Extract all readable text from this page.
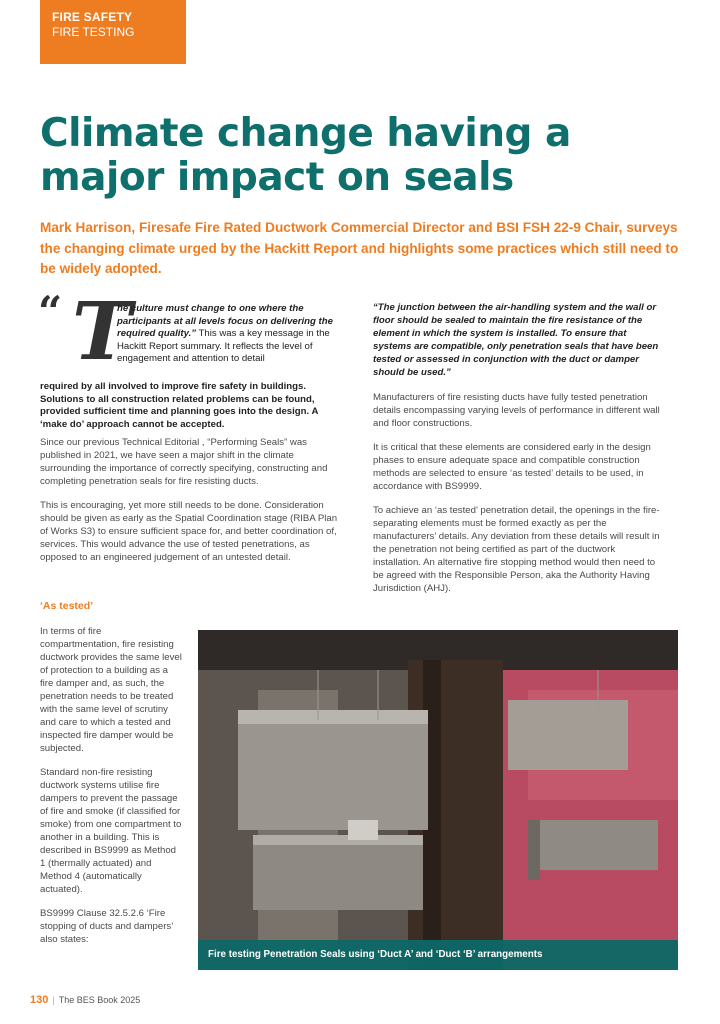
FIRE SAFETY
FIRE TESTING
Climate change having a major impact on seals
Mark Harrison, Firesafe Fire Rated Ductwork Commercial Director and BSI FSH 22-9 Chair, surveys the changing climate urged by the Hackitt Report and highlights some practices which still need to be widely adopted.
“ T
he culture must change to one where the participants at all levels focus on delivering the required quality.” This was a key message in the Hackitt Report summary. It reflects the level of engagement and attention to detail
required by all involved to improve fire safety in buildings. Solutions to all construction related problems can be found, provided sufficient time and planning goes into the design. A ‘make do’ approach cannot be accepted.

Since our previous Technical Editorial , “Performing Seals” was published in 2021, we have seen a major shift in the climate surrounding the importance of correctly specifying, constructing and completing penetration seals for fire resisting ducts.

This is encouraging, yet more still needs to be done. Consideration should be given as early as the Spatial Coordination stage (RIBA Plan of Works S3) to ensure sufficient space for, and better coordination of, services. This would advance the use of tested penetrations, as opposed to an engineered judgement of an untested detail.

‘As tested’

In terms of fire compartmentation, fire resisting ductwork provides the same level of protection to a building as a fire damper and, as such, the penetration needs to be treated with the same level of scrutiny and care to which a tested and inspected fire damper would be subjected.

Standard non-fire resisting ductwork systems utilise fire dampers to prevent the passage of fire and smoke (if classified for smoke) from one compartment to another in a building. This is described in BS9999 as Method 1 (thermally actuated) and Method 4 (automatically actuated).

BS9999 Clause 32.5.2.6 ‘Fire stopping of ducts and dampers’ also states:

“The junction between the air-handling system and the wall or floor should be sealed to maintain the fire resistance of the element in which the system is installed. To ensure that systems are compatible, only penetration seals that have been tested or assessed in conjunction with the duct or damper should be used.”

Manufacturers of fire resisting ducts have fully tested penetration details encompassing varying levels of performance in different wall and floor constructions.

It is critical that these elements are considered early in the design phases to ensure adequate space and compatible construction methods are selected to ensure ‘as tested’ details to be used, in accordance with BS9999.

To achieve an ‘as tested’ penetration detail, the openings in the fire-separating elements must be formed exactly as per the manufacturers’ details. Any deviation from these details will result in the penetration not being certified as part of the ductwork installation. An alternative fire stopping method would then need to be agreed with the Responsible Person, aka the Authority Having Jurisdiction (AHJ).

Fire testing Penetration Seals using ‘Duct A’ and ‘Duct ‘B’ arrangements
130 | The BES Book 2025
